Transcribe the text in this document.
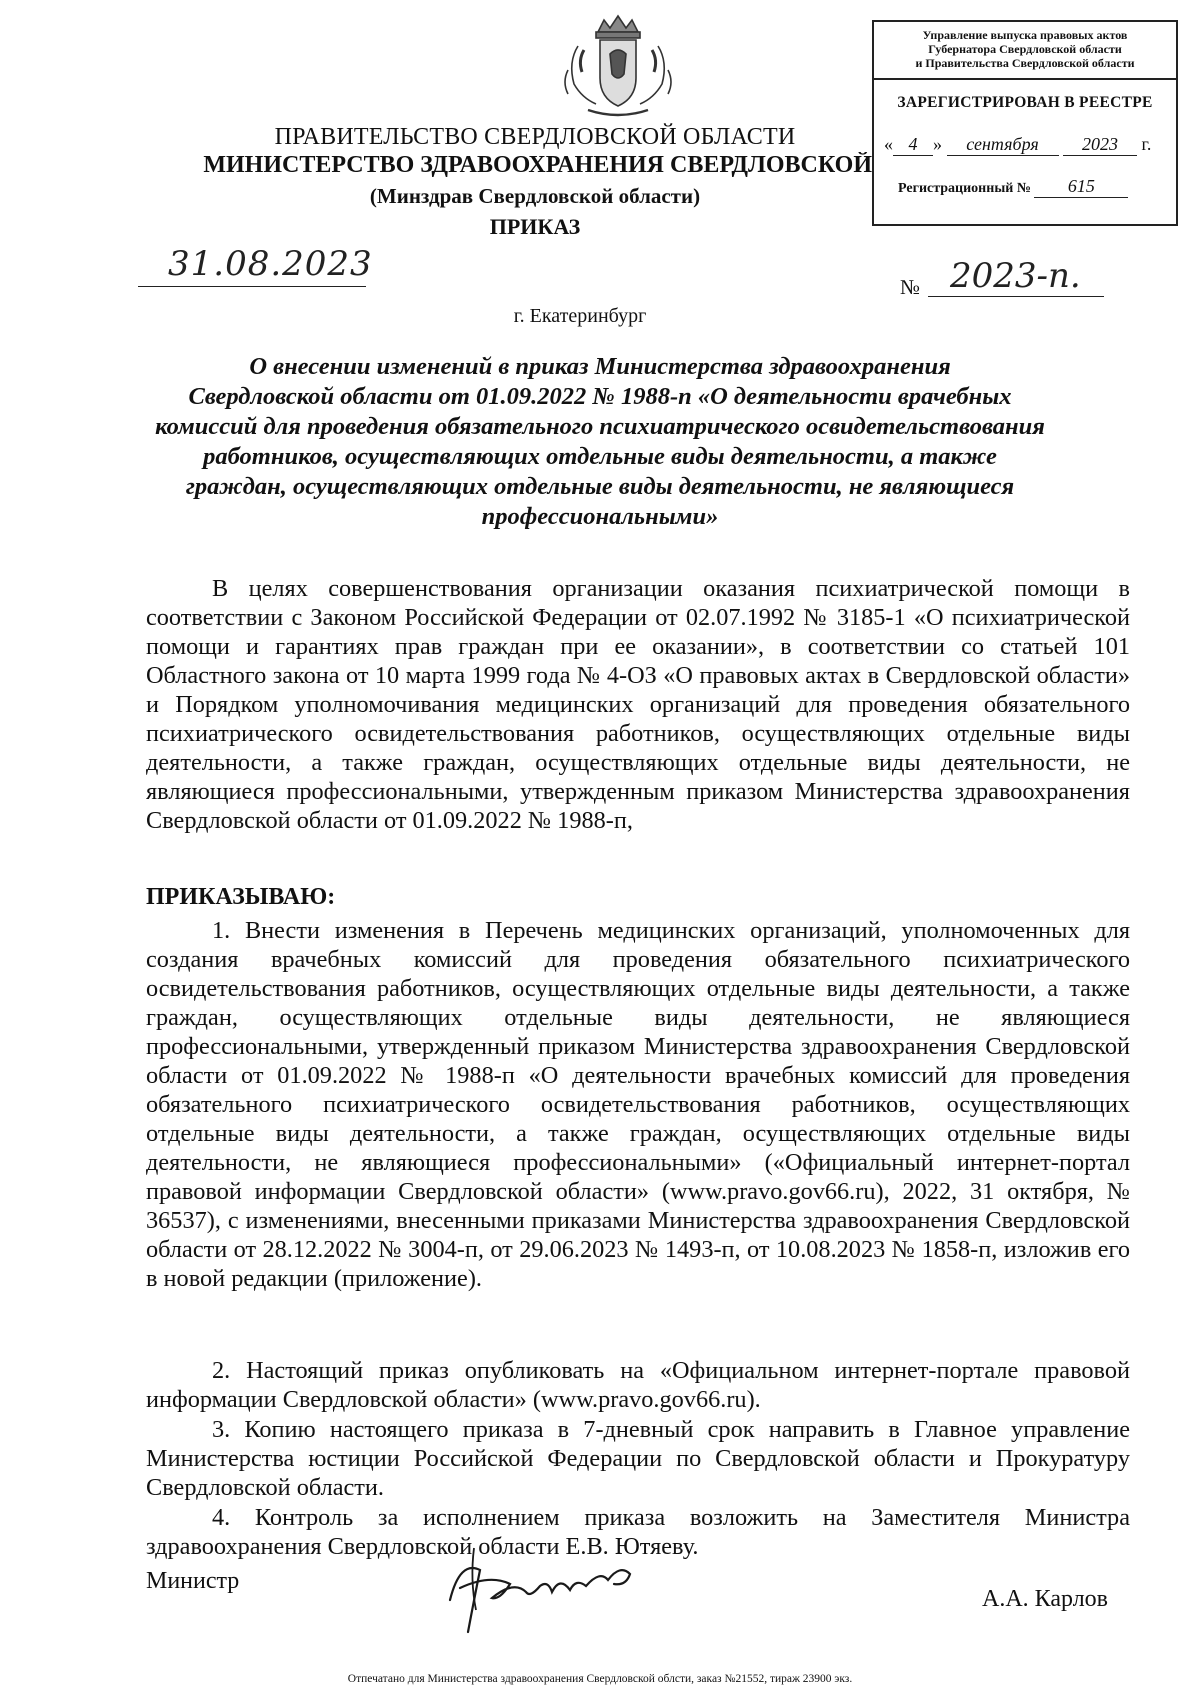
Управление выпуска правовых актов
Губернатора Свердловской области
и Правительства Свердловской области
ЗАРЕГИСТРИРОВАН В РЕЕСТРЕ
« 4 » сентября 2023 г.
Регистрационный № 615
ПРАВИТЕЛЬСТВО СВЕРДЛОВСКОЙ ОБЛАСТИ
МИНИСТЕРСТВО ЗДРАВООХРАНЕНИЯ СВЕРДЛОВСКОЙ
(Минздрав Свердловской области)
ПРИКАЗ
31.08.2023
№ 2023-п.
г. Екатеринбург
О внесении изменений в приказ Министерства здравоохранения
Свердловской области от 01.09.2022 № 1988-п «О деятельности врачебных
комиссий для проведения обязательного психиатрического освидетельствования
работников, осуществляющих отдельные виды деятельности, а также
граждан, осуществляющих отдельные виды деятельности, не являющиеся
профессиональными»
В целях совершенствования организации оказания психиатрической помощи в соответствии с Законом Российской Федерации от 02.07.1992 № 3185-1 «О психиатрической помощи и гарантиях прав граждан при ее оказании», в соответствии со статьей 101 Областного закона от 10 марта 1999 года № 4-ОЗ «О правовых актах в Свердловской области» и Порядком уполномочивания медицинских организаций для проведения обязательного психиатрического освидетельствования работников, осуществляющих отдельные виды деятельности, а также граждан, осуществляющих отдельные виды деятельности, не являющиеся профессиональными, утвержденным приказом Министерства здравоохранения Свердловской области от 01.09.2022 № 1988-п,
ПРИКАЗЫВАЮ:
1. Внести изменения в Перечень медицинских организаций, уполномоченных для создания врачебных комиссий для проведения обязательного психиатрического освидетельствования работников, осуществляющих отдельные виды деятельности, а также граждан, осуществляющих отдельные виды деятельности, не являющиеся профессиональными, утвержденный приказом Министерства здравоохранения Свердловской области от 01.09.2022 № 1988-п «О деятельности врачебных комиссий для проведения обязательного психиатрического освидетельствования работников, осуществляющих отдельные виды деятельности, а также граждан, осуществляющих отдельные виды деятельности, не являющиеся профессиональными» («Официальный интернет-портал правовой информации Свердловской области» (www.pravo.gov66.ru), 2022, 31 октября, № 36537), с изменениями, внесенными приказами Министерства здравоохранения Свердловской области от 28.12.2022 № 3004-п, от 29.06.2023 № 1493-п, от 10.08.2023 № 1858-п, изложив его в новой редакции (приложение).
2. Настоящий приказ опубликовать на «Официальном интернет-портале правовой информации Свердловской области» (www.pravo.gov66.ru).
3. Копию настоящего приказа в 7-дневный срок направить в Главное управление Министерства юстиции Российской Федерации по Свердловской области и Прокуратуру Свердловской области.
4. Контроль за исполнением приказа возложить на Заместителя Министра здравоохранения Свердловской области Е.В. Ютяеву.
Министр
А.А. Карлов
Отпечатано для Министерства здравоохранения Свердловской облсти, заказ №21552, тираж 23900 экз.
